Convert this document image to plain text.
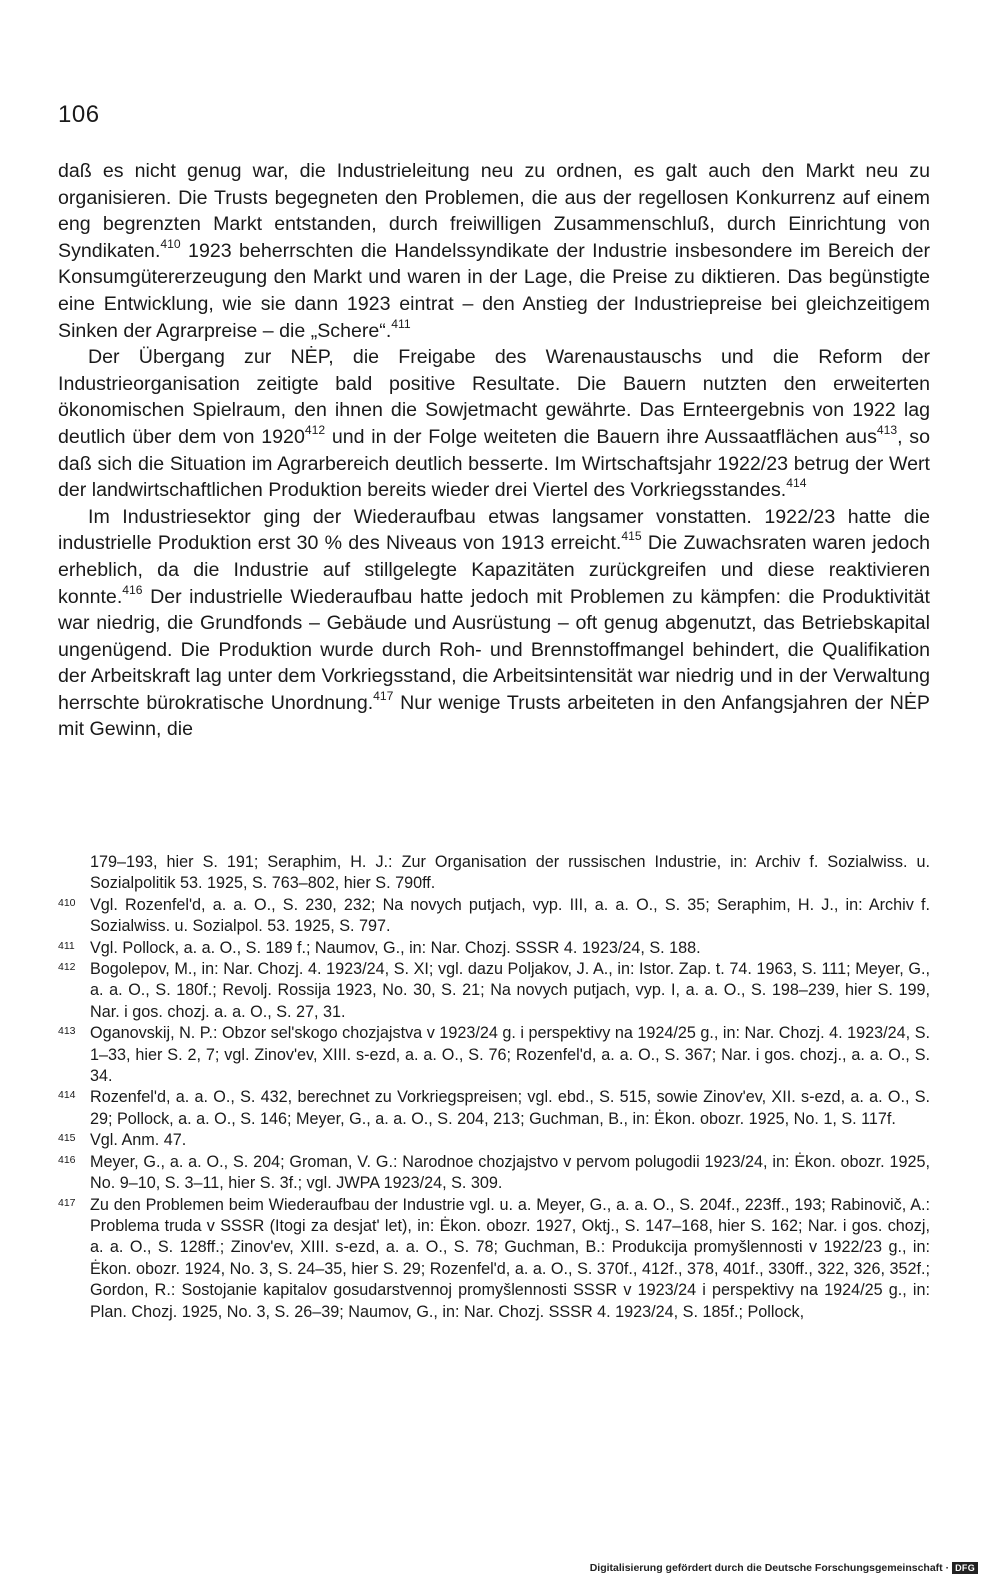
106

daß es nicht genug war, die Industrieleitung neu zu ordnen, es galt auch den Markt neu zu organisieren. Die Trusts begegneten den Problemen, die aus der regellosen Konkurrenz auf einem eng begrenzten Markt entstanden, durch freiwilligen Zusammenschluß, durch Einrichtung von Syndikaten.$^{410}$ 1923 beherrschten die Handelssyndikate der Industrie insbesondere im Bereich der Konsumgütererzeugung den Markt und waren in der Lage, die Preise zu diktieren. Das begünstigte eine Entwicklung, wie sie dann 1923 eintrat – den Anstieg der Industriepreise bei gleichzeitigem Sinken der Agrarpreise – die „Schere“.$^{411}$

Der Übergang zur NĖP, die Freigabe des Warenaustauschs und die Reform der Industrieorganisation zeitigte bald positive Resultate. Die Bauern nutzten den erweiterten ökonomischen Spielraum, den ihnen die Sowjetmacht gewährte. Das Ernteergebnis von 1922 lag deutlich über dem von 1920$^{412}$ und in der Folge weiteten die Bauern ihre Aussaatflächen aus$^{413}$, so daß sich die Situation im Agrarbereich deutlich besserte. Im Wirtschaftsjahr 1922/23 betrug der Wert der landwirtschaftlichen Produktion bereits wieder drei Viertel des Vorkriegsstandes.$^{414}$

Im Industriesektor ging der Wiederaufbau etwas langsamer vonstatten. 1922/23 hatte die industrielle Produktion erst 30 % des Niveaus von 1913 erreicht.$^{415}$ Die Zuwachsraten waren jedoch erheblich, da die Industrie auf stillgelegte Kapazitäten zurückgreifen und diese reaktivieren konnte.$^{416}$ Der industrielle Wiederaufbau hatte jedoch mit Problemen zu kämpfen: die Produktivität war niedrig, die Grundfonds – Gebäude und Ausrüstung – oft genug abgenutzt, das Betriebskapital ungenügend. Die Produktion wurde durch Roh- und Brennstoffmangel behindert, die Qualifikation der Arbeitskraft lag unter dem Vorkriegsstand, die Arbeitsintensität war niedrig und in der Verwaltung herrschte bürokratische Unordnung.$^{417}$ Nur wenige Trusts arbeiteten in den Anfangsjahren der NĖP mit Gewinn, die

179–193, hier S. 191; Seraphim, H. J.: Zur Organisation der russischen Industrie, in: Archiv f. Sozialwiss. u. Sozialpolitik 53. 1925, S. 763–802, hier S. 790ff.
410 Vgl. Rozenfel'd, a. a. O., S. 230, 232; Na novych putjach, vyp. III, a. a. O., S. 35; Seraphim, H. J., in: Archiv f. Sozialwiss. u. Sozialpol. 53. 1925, S. 797.
411 Vgl. Pollock, a. a. O., S. 189 f.; Naumov, G., in: Nar. Chozj. SSSR 4. 1923/24, S. 188.
412 Bogolepov, M., in: Nar. Chozj. 4. 1923/24, S. XI; vgl. dazu Poljakov, J. A., in: Istor. Zap. t. 74. 1963, S. 111; Meyer, G., a. a. O., S. 180f.; Revolj. Rossija 1923, No. 30, S. 21; Na novych putjach, vyp. I, a. a. O., S. 198–239, hier S. 199, Nar. i gos. chozj. a. a. O., S. 27, 31.
413 Oganovskij, N. P.: Obzor sel'skogo chozjajstva v 1923/24 g. i perspektivy na 1924/25 g., in: Nar. Chozj. 4. 1923/24, S. 1–33, hier S. 2, 7; vgl. Zinov'ev, XIII. s-ezd, a. a. O., S. 76; Rozenfel'd, a. a. O., S. 367; Nar. i gos. chozj., a. a. O., S. 34.
414 Rozenfel'd, a. a. O., S. 432, berechnet zu Vorkriegspreisen; vgl. ebd., S. 515, sowie Zinov'ev, XII. s-ezd, a. a. O., S. 29; Pollock, a. a. O., S. 146; Meyer, G., a. a. O., S. 204, 213; Guchman, B., in: Ėkon. obozr. 1925, No. 1, S. 117f.
415 Vgl. Anm. 47.
416 Meyer, G., a. a. O., S. 204; Groman, V. G.: Narodnoe chozjajstvo v pervom polugodii 1923/24, in: Ėkon. obozr. 1925, No. 9–10, S. 3–11, hier S. 3f.; vgl. JWPA 1923/24, S. 309.
417 Zu den Problemen beim Wiederaufbau der Industrie vgl. u. a. Meyer, G., a. a. O., S. 204f., 223ff., 193; Rabinovič, A.: Problema truda v SSSR (Itogi za desjat' let), in: Ėkon. obozr. 1927, Oktj., S. 147–168, hier S. 162; Nar. i gos. chozj, a. a. O., S. 128ff.; Zinov'ev, XIII. s-ezd, a. a. O., S. 78; Guchman, B.: Produkcija promyšlennosti v 1922/23 g., in: Ėkon. obozr. 1924, No. 3, S. 24–35, hier S. 29; Rozenfel'd, a. a. O., S. 370f., 412f., 378, 401f., 330ff., 322, 326, 352f.; Gordon, R.: Sostojanie kapitalov gosudarstvennoj promyšlennosti SSSR v 1923/24 i perspektivy na 1924/25 g., in: Plan. Chozj. 1925, No. 3, S. 26–39; Naumov, G., in: Nar. Chozj. SSSR 4. 1923/24, S. 185f.; Pollock,
Digitalisierung gefördert durch die Deutsche Forschungsgemeinschaft · DFG
